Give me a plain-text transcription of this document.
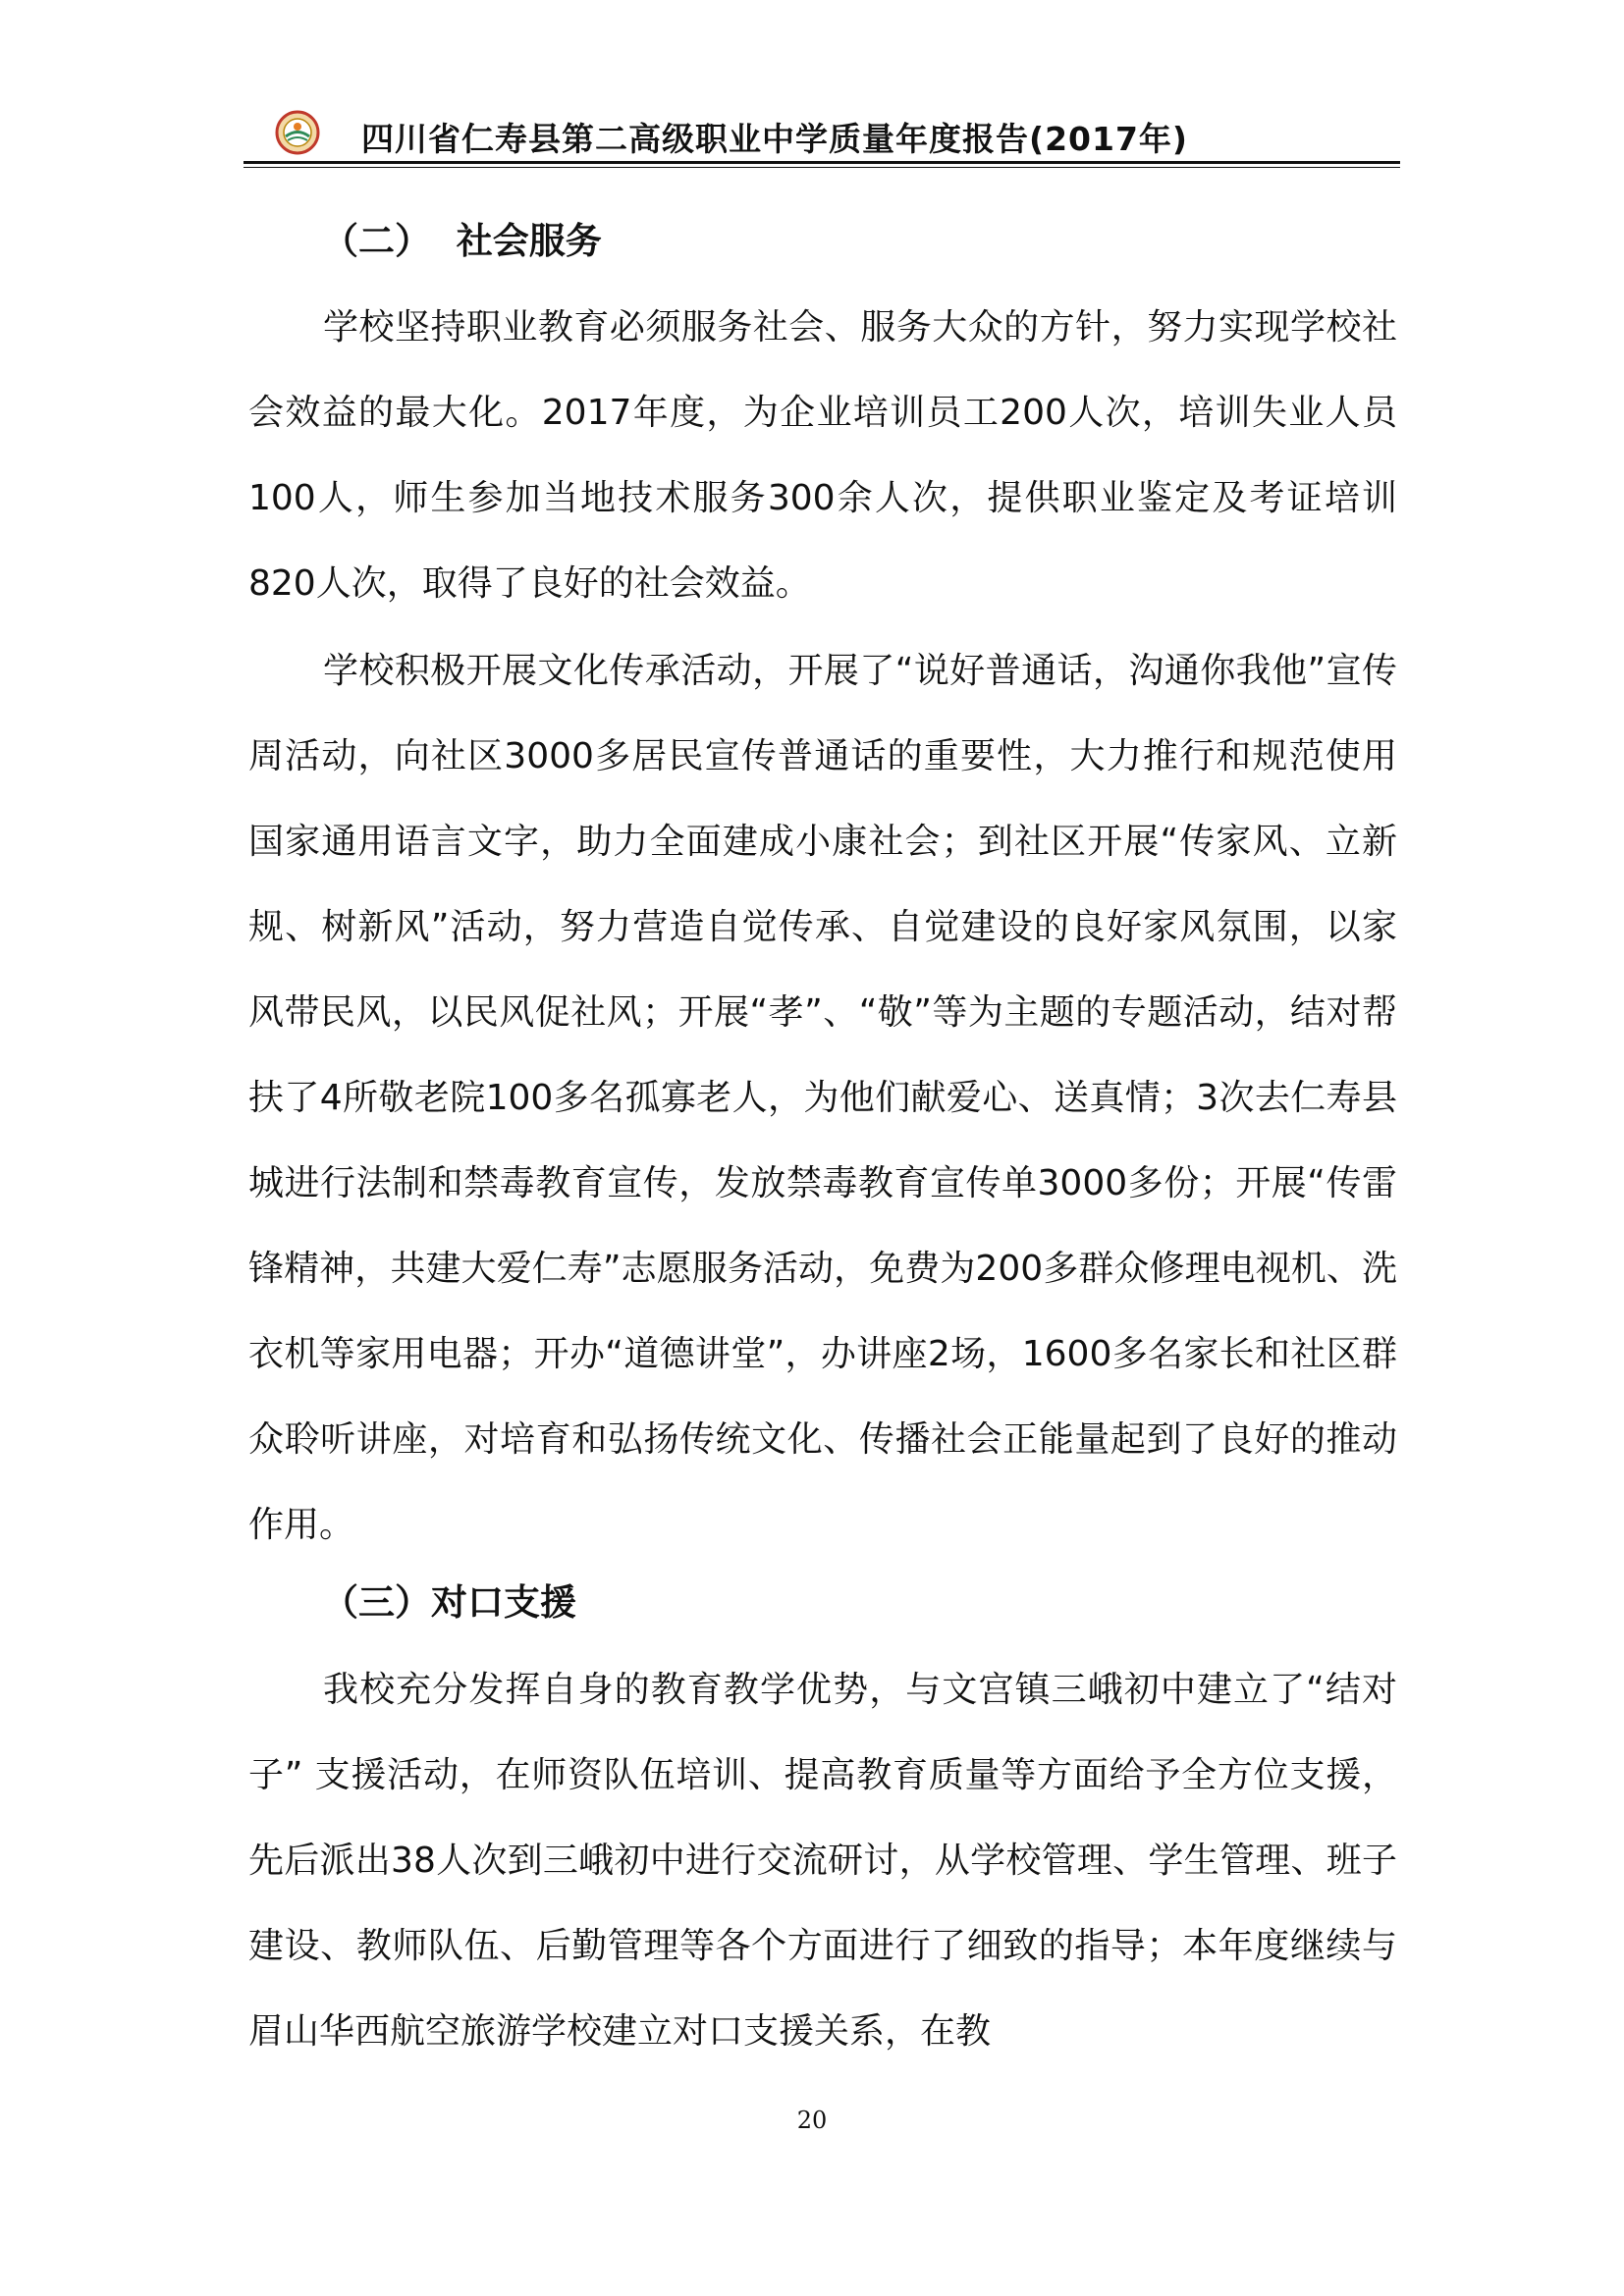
四川省仁寿县第二高级职业中学质量年度报告(2017年)
（二）  社会服务
学校坚持职业教育必须服务社会、服务大众的方针，努力实现学校社会效益的最大化。2017年度，为企业培训员工200人次，培训失业人员100人，师生参加当地技术服务300余人次，提供职业鉴定及考证培训820人次，取得了良好的社会效益。
学校积极开展文化传承活动，开展了“说好普通话，沟通你我他”宣传周活动，向社区3000多居民宣传普通话的重要性，大力推行和规范使用国家通用语言文字，助力全面建成小康社会；到社区开展“传家风、立新规、树新风”活动，努力营造自觉传承、自觉建设的良好家风氛围，以家风带民风，以民风促社风；开展“孝”、“敬”等为主题的专题活动，结对帮扶了4所敬老院100多名孤寡老人，为他们献爱心、送真情；3次去仁寿县城进行法制和禁毒教育宣传，发放禁毒教育宣传单3000多份；开展“传雷锋精神，共建大爱仁寿”志愿服务活动，免费为200多群众修理电视机、洗衣机等家用电器；开办“道德讲堂”，办讲座2场，1600多名家长和社区群众聆听讲座，对培育和弘扬传统文化、传播社会正能量起到了良好的推动作用。
（三）对口支援
我校充分发挥自身的教育教学优势，与文宫镇三峨初中建立了“结对子” 支援活动，在师资队伍培训、提高教育质量等方面给予全方位支援，先后派出38人次到三峨初中进行交流研讨，从学校管理、学生管理、班子建设、教师队伍、后勤管理等各个方面进行了细致的指导；本年度继续与眉山华西航空旅游学校建立对口支援关系，在教
20
